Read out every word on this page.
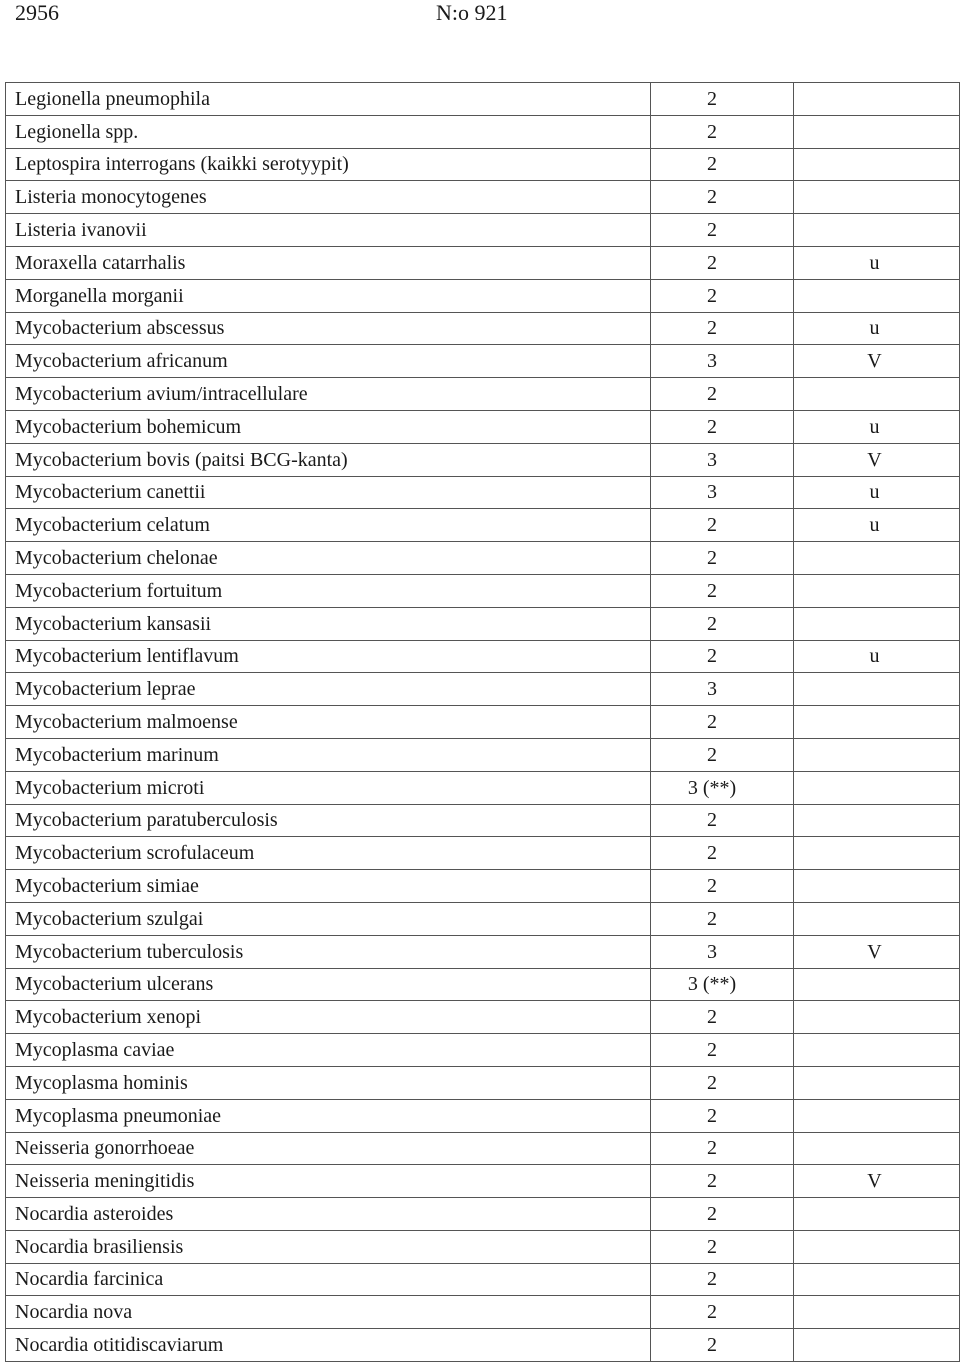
2956	N:o 921
Legionella pneumophila	2	
Legionella spp.	2	
Leptospira interrogans (kaikki serotyypit)	2	
Listeria monocytogenes	2	
Listeria ivanovii	2	
Moraxella catarrhalis	2	u
Morganella morganii	2	
Mycobacterium abscessus	2	u
Mycobacterium africanum	3	V
Mycobacterium avium/intracellulare	2	
Mycobacterium bohemicum	2	u
Mycobacterium bovis (paitsi BCG-kanta)	3	V
Mycobacterium canettii	3	u
Mycobacterium celatum	2	u
Mycobacterium chelonae	2	
Mycobacterium fortuitum	2	
Mycobacterium kansasii	2	
Mycobacterium lentiflavum	2	u
Mycobacterium leprae	3	
Mycobacterium malmoense	2	
Mycobacterium marinum	2	
Mycobacterium microti	3 (**)	
Mycobacterium paratuberculosis	2	
Mycobacterium scrofulaceum	2	
Mycobacterium simiae	2	
Mycobacterium szulgai	2	
Mycobacterium tuberculosis	3	V
Mycobacterium ulcerans	3 (**)	
Mycobacterium xenopi	2	
Mycoplasma caviae	2	
Mycoplasma hominis	2	
Mycoplasma pneumoniae	2	
Neisseria gonorrhoeae	2	
Neisseria meningitidis	2	V
Nocardia asteroides	2	
Nocardia brasiliensis	2	
Nocardia farcinica	2	
Nocardia nova	2	
Nocardia otitidiscaviarum	2	
